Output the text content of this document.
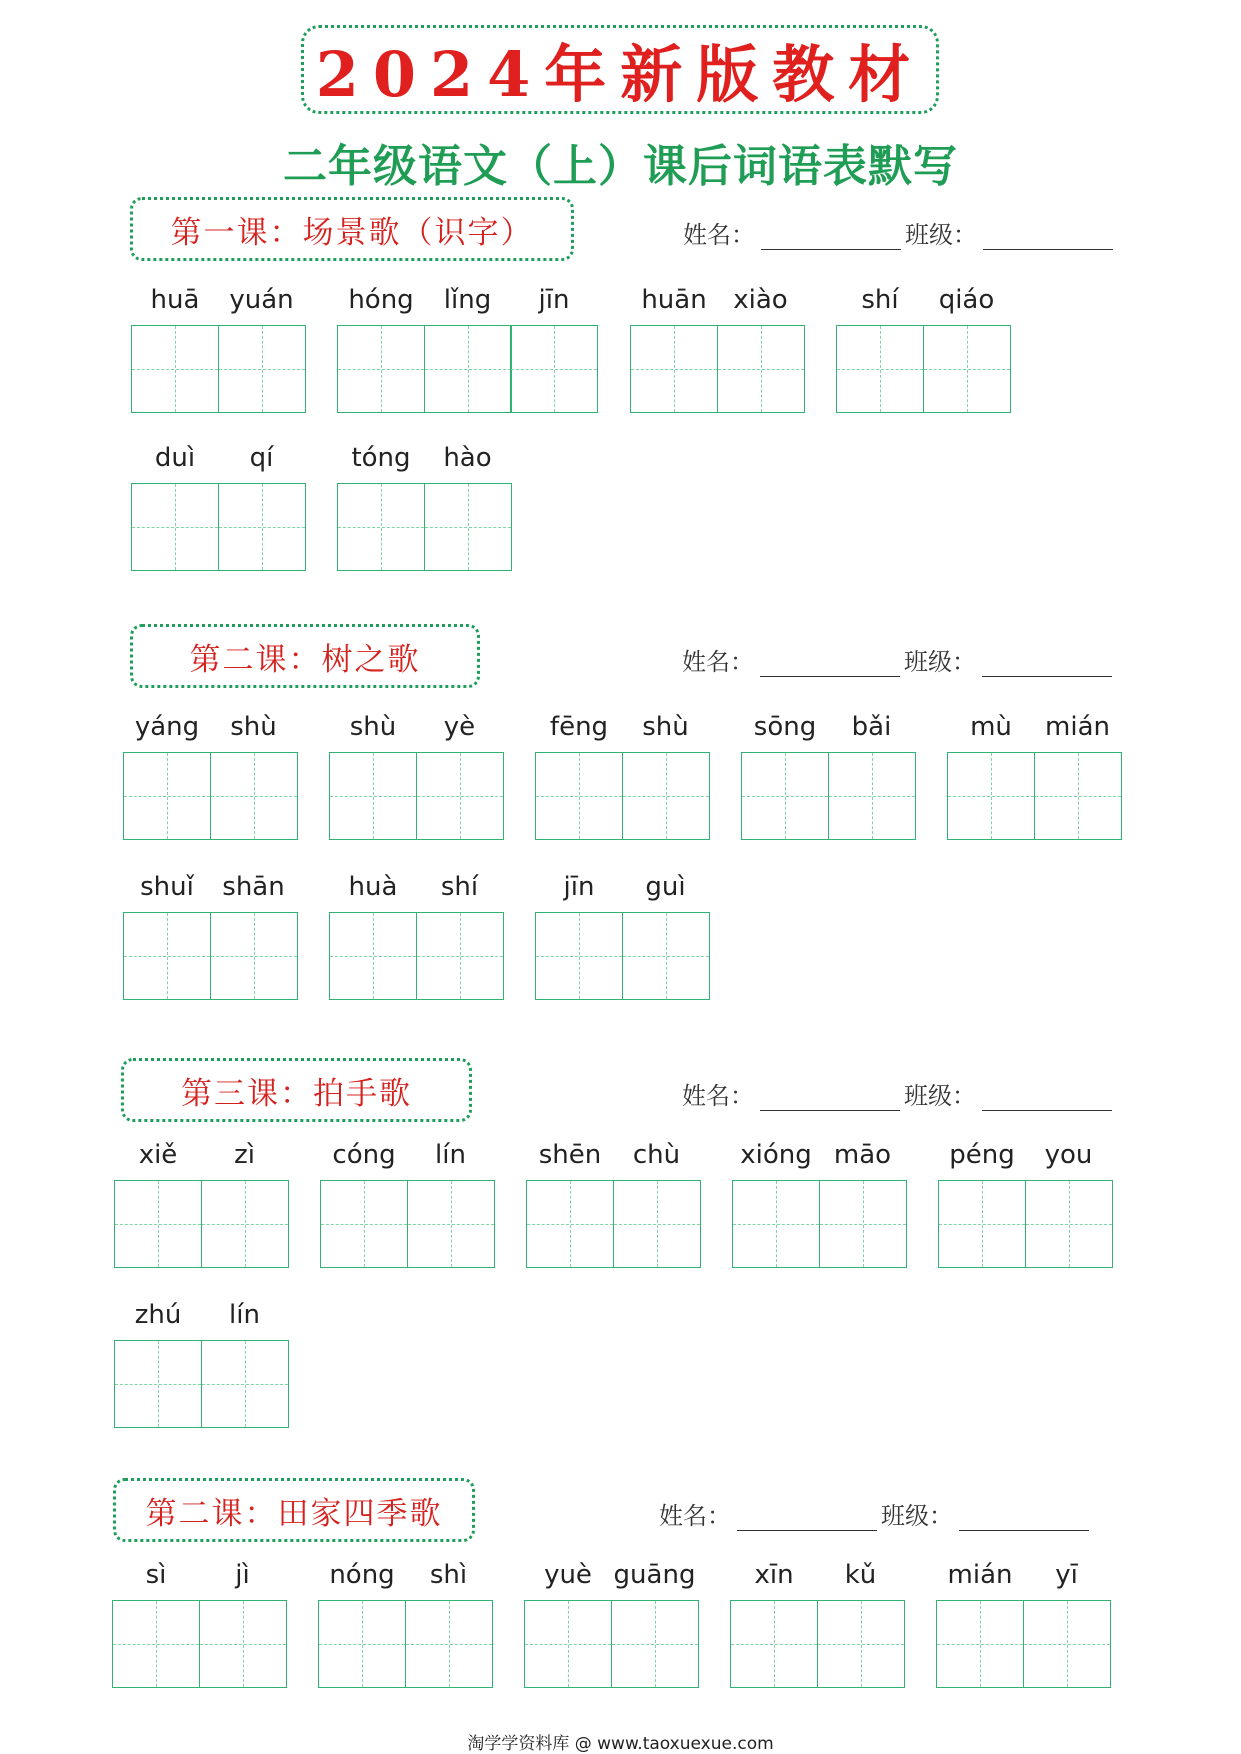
2024年新版教材
二年级语文（上）课后词语表默写
第一课：场景歌（识字）	姓名：	班级：
huā	yuán	hóng	lǐng	jīn	huān	xiào	shí	qiáo
duì	qí	tóng	hào
第二课：树之歌	姓名：	班级：
yáng	shù	shù	yè	fēng	shù	sōng	bǎi	mù	mián
shuǐ	shān	huà	shí	jīn	guì
第三课：拍手歌	姓名：	班级：
xiě	zì	cóng	lín	shēn	chù	xióng māo	péng	you
zhú	lín
第二课：田家四季歌	姓名：	班级：
sì	jì	nóng	shì	yuè guāng	xīn	kǔ	mián	yī
淘学学资料库 @ www.taoxuexue.com
